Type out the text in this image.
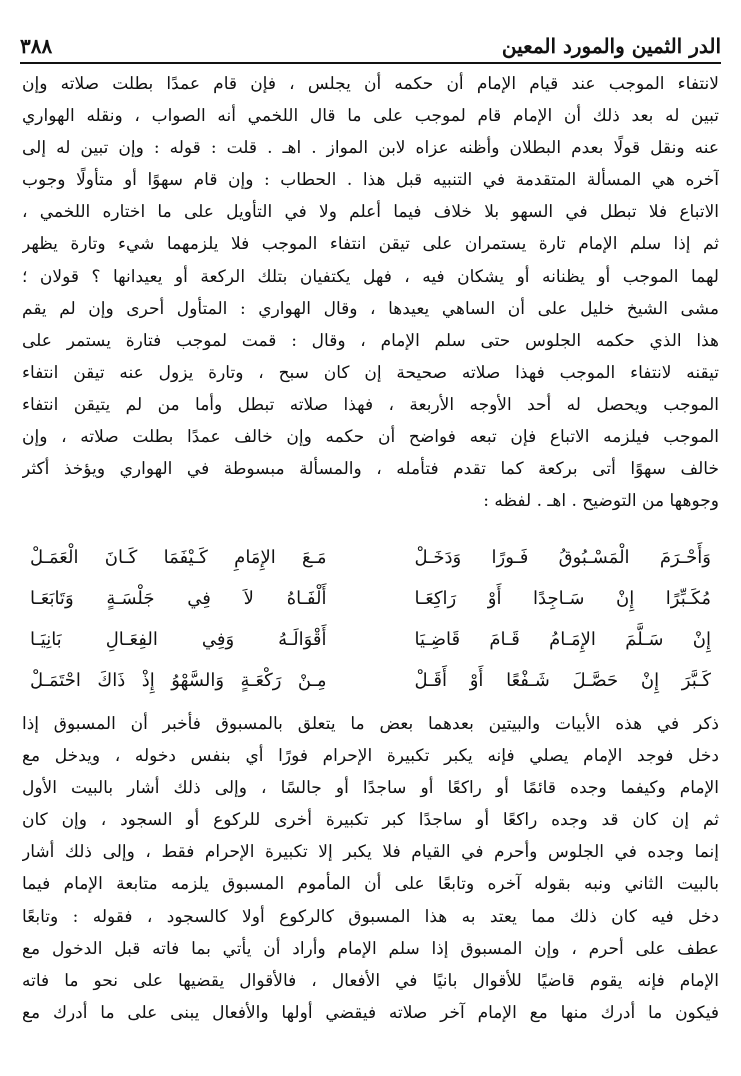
الدر الثمين والمورد المعين
٣٨٨
لانتفاء الموجب عند قيام الإمام أن حكمه أن يجلس ، فإن قام عمدًا بطلت صلاته وإن
تبين له بعد ذلك أن الإمام قام لموجب على ما قال اللخمي أنه الصواب ، ونقله الهواري
عنه ونقل قولًا بعدم البطلان وأظنه عزاه لابن المواز . اهـ . قلت : قوله : وإن تبين له إلى
آخره هي المسألة المتقدمة في التنبيه قبل هذا . الحطاب : وإن قام سهوًا أو متأولًا وجوب
الاتباع فلا تبطل في السهو بلا خلاف فيما أعلم ولا في التأويل على ما اختاره اللخمي ،
ثم إذا سلم الإمام تارة يستمران على تيقن انتفاء الموجب فلا يلزمهما شيء وتارة يظهر
لهما الموجب أو يظنانه أو يشكان فيه ، فهل يكتفيان بتلك الركعة أو يعيدانها ؟ قولان ؛
مشى الشيخ خليل على أن الساهي يعيدها ، وقال الهواري : المتأول أحرى وإن لم يقم
هذا الذي حكمه الجلوس حتى سلم الإمام ، وقال : قمت لموجب فتارة يستمر على
تيقنه لانتفاء الموجب فهذا صلاته صحيحة إن كان سبح ، وتارة يزول عنه تيقن انتفاء
الموجب ويحصل له أحد الأوجه الأربعة ، فهذا صلاته تبطل وأما من لم يتيقن انتفاء
الموجب فيلزمه الاتباع فإن تبعه فواضح أن حكمه وإن خالف عمدًا بطلت صلاته ، وإن
خالف سهوًا أتى بركعة كما تقدم فتأمله ، والمسألة مبسوطة في الهواري ويؤخذ أكثر
وجوهها من التوضيح . اهـ . لفظه :
وَأَحْـرَمَ الْمَسْـبُوقُ فَـورًا وَدَخَـلْ
مَـعَ الإِمَامِ كَـيْفَمَا كَـانَ الْعَمَـلْ
مُكَـبِّرًا إِنْ سَـاجِدًا أَوْ رَاكِعَـا
أَلْفَـاهُ لاَ فِي جَلْسَـةٍ وَتَابَعَـا
إِنْ سَـلَّمَ الإِمَـامُ قَـامَ قَاضِـيَا
أَقْوَالَـهُ وَفِي الفِعَـالِ بَانِيَـا
كَـبَّرَ إِنْ حَصَّـلَ شَـفْعًا أَوْ أَقَـلْ
مِـنْ رَكْعَـةٍ وَالسَّهْوُ إِذْ ذَاكَ احْتَمَـلْ
ذكر في هذه الأبيات والبيتين بعدهما بعض ما يتعلق بالمسبوق فأخبر أن المسبوق إذا
دخل فوجد الإمام يصلي فإنه يكبر تكبيرة الإحرام فورًا أي بنفس دخوله ، ويدخل مع
الإمام وكيفما وجده قائمًا أو راكعًا أو ساجدًا أو جالسًا ، وإلى ذلك أشار بالبيت الأول
ثم إن كان قد وجده راكعًا أو ساجدًا كبر تكبيرة أخرى للركوع أو السجود ، وإن كان
إنما وجده في الجلوس وأحرم في القيام فلا يكبر إلا تكبيرة الإحرام فقط ، وإلى ذلك أشار
بالبيت الثاني ونبه بقوله آخره وتابعًا على أن المأموم المسبوق يلزمه متابعة الإمام فيما
دخل فيه كان ذلك مما يعتد به هذا المسبوق كالركوع أولا كالسجود ، فقوله : وتابعًا
عطف على أحرم ، وإن المسبوق إذا سلم الإمام وأراد أن يأتي بما فاته قبل الدخول مع
الإمام فإنه يقوم قاضيًا للأقوال بانيًا في الأفعال ، فالأقوال يقضيها على نحو ما فاته
فيكون ما أدرك منها مع الإمام آخر صلاته فيقضي أولها والأفعال يبنى على ما أدرك مع
